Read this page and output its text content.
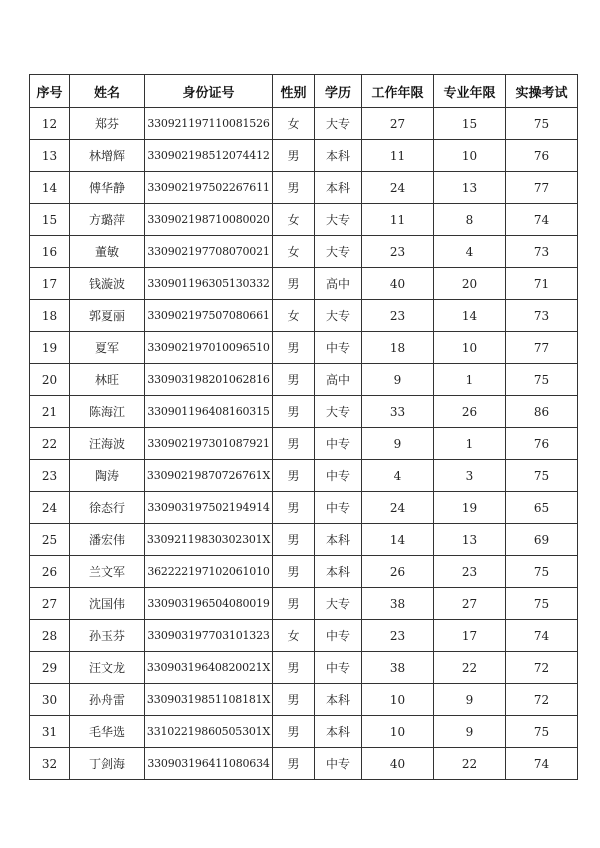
序号	姓名	身份证号	性别	学历	工作年限	专业年限	实操考试
12	郑芬	330921197110081526	女	大专	27	15	75
13	林增辉	330902198512074412	男	本科	11	10	76
14	傅华静	330902197502267611	男	本科	24	13	77
15	方璐萍	330902198710080020	女	大专	11	8	74
16	董敏	330902197708070021	女	大专	23	4	73
17	钱漩波	330901196305130332	男	高中	40	20	71
18	郭夏丽	330902197507080661	女	大专	23	14	73
19	夏军	330902197010096510	男	中专	18	10	77
20	林旺	330903198201062816	男	高中	9	1	75
21	陈海江	330901196408160315	男	大专	33	26	86
22	汪海波	330902197301087921	男	中专	9	1	76
23	陶涛	33090219870726761X	男	中专	4	3	75
24	徐态行	330903197502194914	男	中专	24	19	65
25	潘宏伟	33092119830302301X	男	本科	14	13	69
26	兰文军	362222197102061010	男	本科	26	23	75
27	沈国伟	330903196504080019	男	大专	38	27	75
28	孙玉芬	330903197703101323	女	中专	23	17	74
29	汪文龙	33090319640820021X	男	中专	38	22	72
30	孙舟雷	33090319851108181X	男	本科	10	9	72
31	毛华选	33102219860505301X	男	本科	10	9	75
32	丁剑海	330903196411080634	男	中专	40	22	74
